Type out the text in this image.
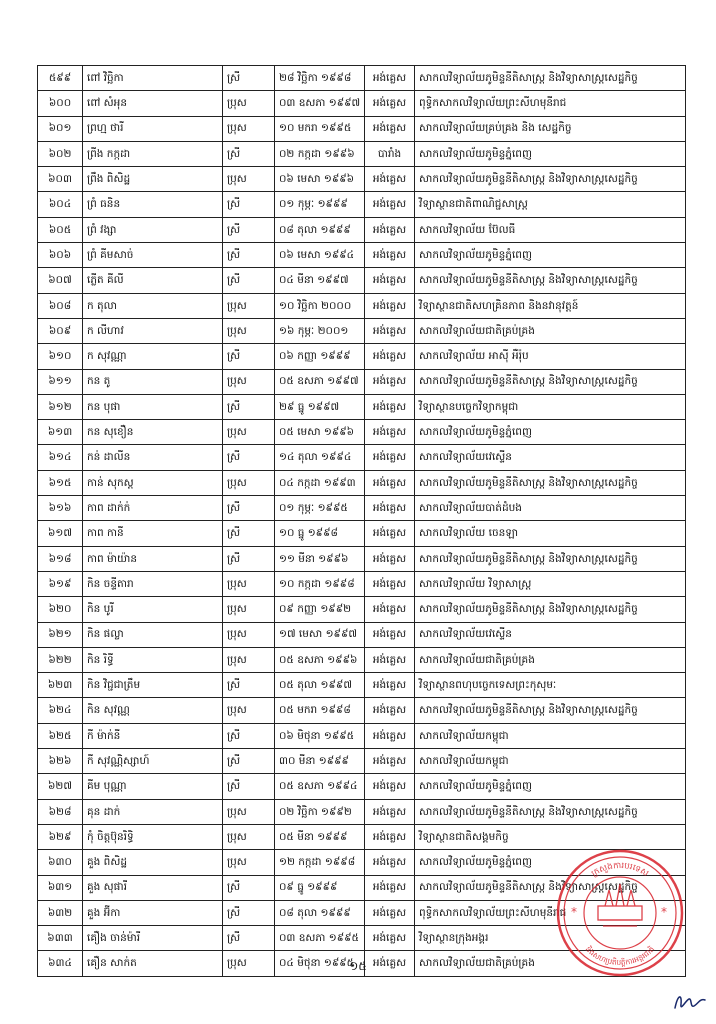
៥៩៩	ពៅ វិច្ឆិកា	ស្រី	២៨ វិច្ឆិកា ១៩៩៨	អង់គ្លេស	សាកលវិទ្យាល័យភូមិន្ទនីតិសាស្ត្រ និងវិទ្យាសាស្ត្រសេដ្ឋកិច្ច
៦០០	ពៅ សំអុន	ប្រុស	០៣ ឧសភា ១៩៩៧	អង់គ្លេស	ពុទ្ធិកសាកលវិទ្យាល័យព្រះសីហមុនីរាជ
៦០១	ព្រហ្ម ថារី	ប្រុស	១០ មករា ១៩៩៥	អង់គ្លេស	សាកលវិទ្យាល័យគ្រប់គ្រង និង សេដ្ឋកិច្ច
៦០២	ព្រីង កក្កដា	ស្រី	០២ កក្កដា ១៩៩៦	បារាំង	សាកលវិទ្យាល័យភូមិន្ទភ្នំពេញ
៦០៣	ព្រឹង ពិសិដ្ឋ	ប្រុស	០៦ មេសា ១៩៩៦	អង់គ្លេស	សាកលវិទ្យាល័យភូមិន្ទនីតិសាស្ត្រ និងវិទ្យាសាស្ត្រសេដ្ឋកិច្ច
៦០៤	ព្រំ ធនិន	ស្រី	០១ កុម្ភៈ ១៩៩៩	អង់គ្លេស	វិទ្យាស្ថានជាតិពាណិជ្ជសាស្ត្រ
៦០៥	ព្រំ វង្សា	ស្រី	០៨ តុលា ១៩៩៩	អង់គ្លេស	សាកលវិទ្យាល័យ ប៊ែលធី
៦០៦	ព្រំ គីមសាច់	ស្រី	០៦ មេសា ១៩៩៤	អង់គ្លេស	សាកលវិទ្យាល័យភូមិន្ទភ្នំពេញ
៦០៧	ភ្លើត គីលី	ស្រី	០៤ មីនា ១៩៩៧	អង់គ្លេស	សាកលវិទ្យាល័យភូមិន្ទនីតិសាស្ត្រ និងវិទ្យាសាស្ត្រសេដ្ឋកិច្ច
៦០៨	ក តុលា	ប្រុស	១០ វិច្ឆិកា ២០០០	អង់គ្លេស	វិទ្យាស្ថានជាតិសហគ្រិនភាព និងនវានុវត្តន៍
៦០៩	ក លីហាវ	ប្រុស	១៦ កុម្ភៈ ២០០១	អង់គ្លេស	សាកលវិទ្យាល័យជាតិគ្រប់គ្រង
៦១០	ក សុវណ្ណា	ស្រី	០៦ កញ្ញា ១៩៩៩	អង់គ្លេស	សាកលវិទ្យាល័យ អាស៊ី អឺរ៉ុប
៦១១	កន តូ	ប្រុស	០៥ ឧសភា ១៩៩៧	អង់គ្លេស	សាកលវិទ្យាល័យភូមិន្ទនីតិសាស្ត្រ និងវិទ្យាសាស្ត្រសេដ្ឋកិច្ច
៦១២	កន បុផា	ស្រី	២៩ ធ្នូ ១៩៩៧	អង់គ្លេស	វិទ្យាស្ថានបច្ចេកវិទ្យាកម្ពុជា
៦១៣	កន សុខឿន	ប្រុស	០៥ មេសា ១៩៩៦	អង់គ្លេស	សាកលវិទ្យាល័យភូមិន្ទភ្នំពេញ
៦១៤	កន់ ដាលីន	ស្រី	១៤ តុលា ១៩៩៤	អង់គ្លេស	សាកលវិទ្យាល័យវេស្ទើន
៦១៥	កាន់ សុកស្ត	ប្រុស	០៤ កក្កដា ១៩៩៣	អង់គ្លេស	សាកលវិទ្យាល័យភូមិន្ទនីតិសាស្ត្រ និងវិទ្យាសាស្ត្រសេដ្ឋកិច្ច
៦១៦	កាព ដាក់ក់	ស្រី	០១ កុម្ភៈ ១៩៩៥	អង់គ្លេស	សាកលវិទ្យាល័យបាត់ដំបង
៦១៧	កាព កានី	ស្រី	១០ ធ្នូ ១៩៩៨	អង់គ្លេស	សាកលវិទ្យាល័យ ចេនឡា
៦១៨	កាព ម៉ាយ៉ាន	ស្រី	១១ មីនា ១៩៩៦	អង់គ្លេស	សាកលវិទ្យាល័យភូមិន្ទនីតិសាស្ត្រ និងវិទ្យាសាស្ត្រសេដ្ឋកិច្ច
៦១៩	កិន ចន្ទីតារា	ប្រុស	១០ កក្កដា ១៩៩៨	អង់គ្លេស	សាកលវិទ្យាល័យ វិទ្យាសាស្ត្រ
៦២០	កិន បូរី	ប្រុស	០៩ កញ្ញា ១៩៩២	អង់គ្លេស	សាកលវិទ្យាល័យភូមិន្ទនីតិសាស្ត្រ និងវិទ្យាសាស្ត្រសេដ្ឋកិច្ច
៦២១	កិន ផល្លា	ប្រុស	១៧ មេសា ១៩៩៧	អង់គ្លេស	សាកលវិទ្យាល័យវេស្ទើន
៦២២	កិន រិទ្ធី	ប្រុស	០៥ ឧសភា ១៩៩៦	អង់គ្លេស	សាកលវិទ្យាល័យជាតិគ្រប់គ្រង
៦២៣	កិន វិជ្ជជាត្រឹម	ស្រី	០៥ តុលា ១៩៩៧	អង់គ្លេស	វិទ្យាស្ថានពហុបច្ចេកទេសព្រះកុសុមៈ
៦២៤	កិន សុវណ្ណ	ប្រុស	០៥ មករា ១៩៩៨	អង់គ្លេស	សាកលវិទ្យាល័យភូមិន្ទនីតិសាស្ត្រ និងវិទ្យាសាស្ត្រសេដ្ឋកិច្ច
៦២៥	កី ម៉ាក់នី	ស្រី	០៦ មិថុនា ១៩៩៥	អង់គ្លេស	សាកលវិទ្យាល័យកម្ពុជា
៦២៦	កី សុវណ្ណិស្សាហ៍	ស្រី	៣០ មីនា ១៩៩៩	អង់គ្លេស	សាកលវិទ្យាល័យកម្ពុជា
៦២៧	គីម បុណ្ណា	ស្រី	០៥ ឧសភា ១៩៩៤	អង់គ្លេស	សាកលវិទ្យាល័យភូមិន្ទភ្នំពេញ
៦២៨	គុន ដាក់	ប្រុស	០២ វិច្ឆិកា ១៩៩២	អង់គ្លេស	សាកលវិទ្យាល័យភូមិន្ទនីតិសាស្ត្រ និងវិទ្យាសាស្ត្រសេដ្ឋកិច្ច
៦២៩	កុំ ចិត្តប៊ុនរិទ្ធិ	ប្រុស	០៥ មីនា ១៩៩៩	អង់គ្លេស	វិទ្យាស្ថានជាតិសង្គមកិច្ច
៦៣០	គួង ពិសិដ្ឋ	ប្រុស	១២ កក្កដា ១៩៩៨	អង់គ្លេស	សាកលវិទ្យាល័យភូមិន្ទភ្នំពេញ
៦៣១	គួង សុផារី	ស្រី	០៩ ធ្នូ ១៩៩៩	អង់គ្លេស	សាកលវិទ្យាល័យភូមិន្ទនីតិសាស្ត្រ និងវិទ្យាសាស្ត្រសេដ្ឋកិច្ច
៦៣២	គួង អ៊ីកា	ស្រី	០៨ តុលា ១៩៩៩	អង់គ្លេស	ពុទ្ធិកសាកលវិទ្យាល័យព្រះសីហមុនីរាជ
៦៣៣	គឿង ចាន់ម៉ារី	ស្រី	០៣ ឧសភា ១៩៩៥	អង់គ្លេស	វិទ្យាស្ថានក្រុងអង្គរ
៦៣៤	គឿន សាក់ត	ប្រុស	០៤ មិថុនា ១៩៩៥	អង់គ្លេស	សាកលវិទ្យាល័យជាតិគ្រប់គ្រង
១៥
*	*
ក្រសួងការបរទេស
និងសហប្រតិបត្តិការអន្តរជាតិ
